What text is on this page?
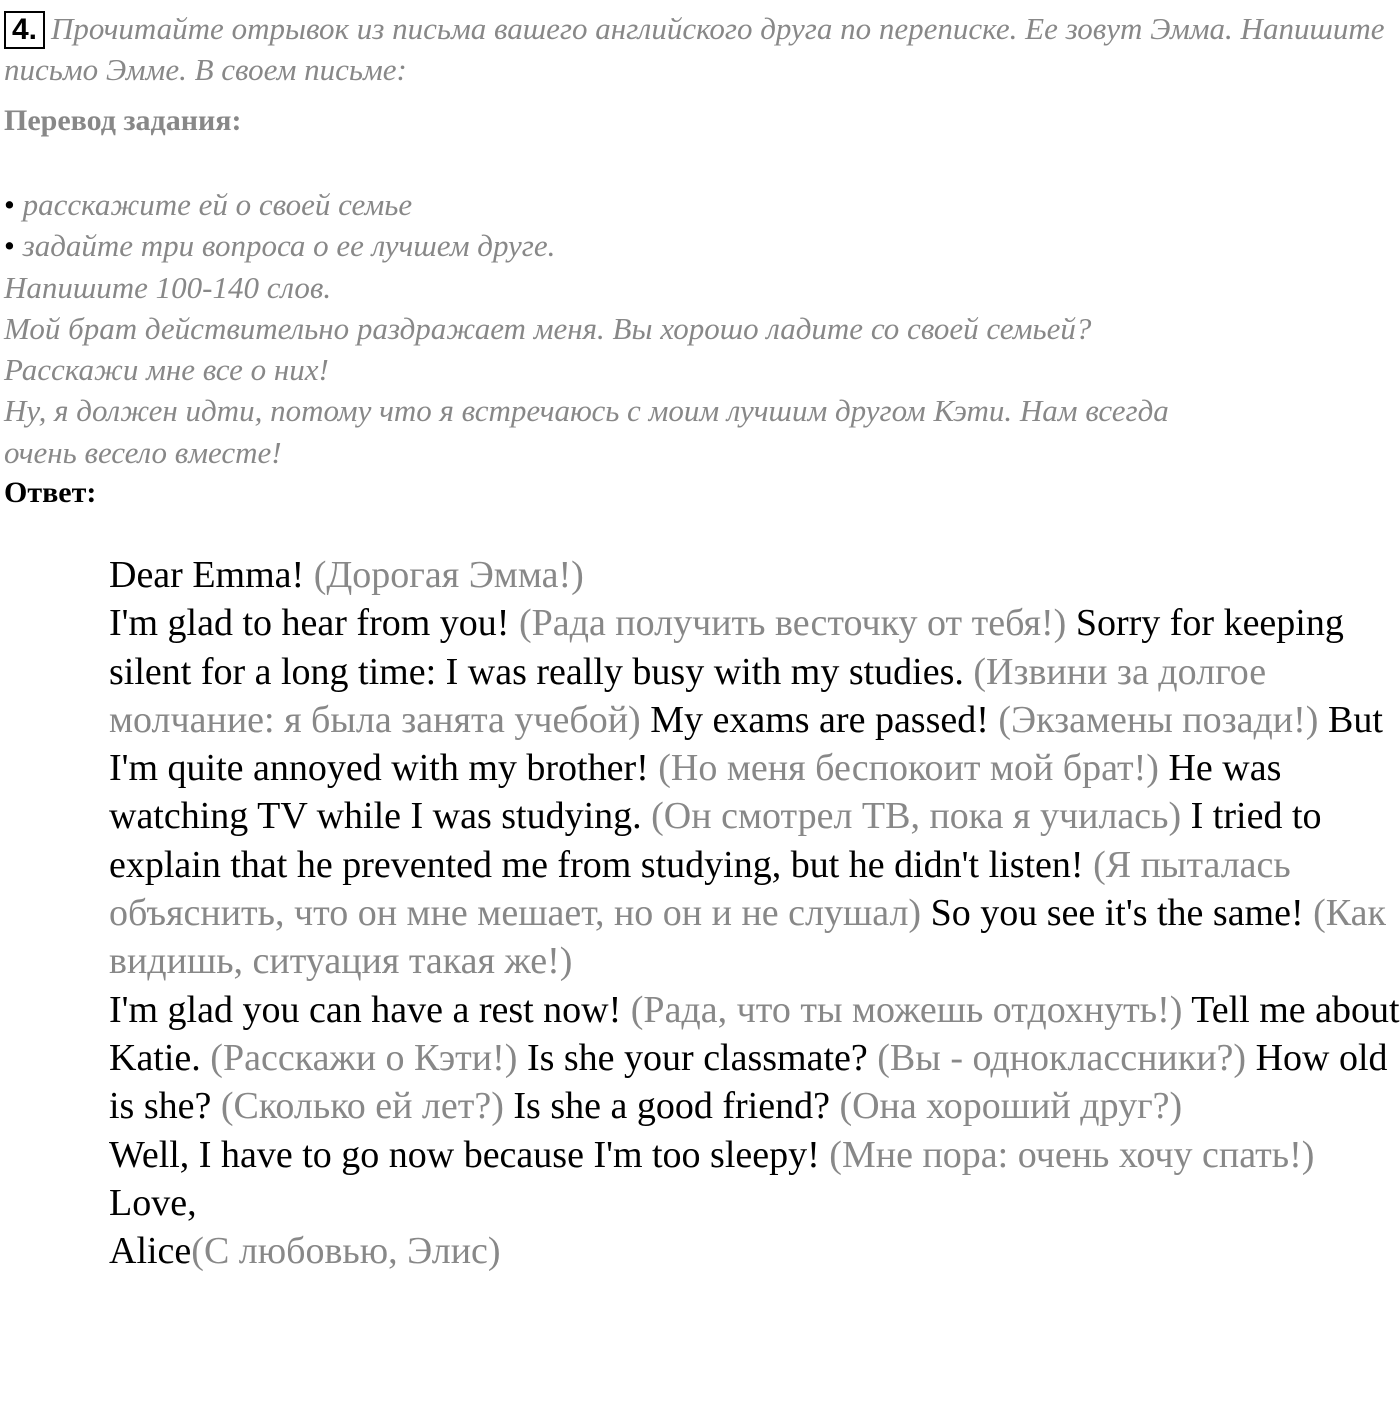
4. Прочитайте отрывок из письма вашего английского друга по переписке. Ее зовут Эмма. Напишите письмо Эмме. В своем письме:
Перевод задания:
• расскажите ей о своей семье
• задайте три вопроса о ее лучшем друге.
Напишите 100-140 слов.
Мой брат действительно раздражает меня. Вы хорошо ладите со своей семьей?
Расскажи мне все о них!
Ну, я должен идти, потому что я встречаюсь с моим лучшим другом Кэти. Нам всегда
очень весело вместе!
Ответ:

Dear Emma! (Дорогая Эмма!)

I'm glad to hear from you! (Рада получить весточку от тебя!) Sorry for keeping silent for a long time: I was really busy with my studies. (Извини за долгое молчание: я была занята учебой) My exams are passed! (Экзамены позади!) But I'm quite annoyed with my brother! (Но меня беспокоит мой брат!) He was watching TV while I was studying. (Он смотрел ТВ, пока я училась) I tried to explain that he prevented me from studying, but he didn't listen! (Я пыталась объяснить, что он мне мешает, но он и не слушал) So you see it's the same! (Как видишь, ситуация такая же!)

I'm glad you can have a rest now! (Рада, что ты можешь отдохнуть!) Tell me about Katie. (Расскажи о Кэти!) Is she your classmate? (Вы - одноклассники?) How old is she? (Сколько ей лет?) Is she a good friend? (Она хороший друг?)

Well, I have to go now because I'm too sleepy! (Мне пора: очень хочу спать!)

Love,

Alice(С любовью, Элис)
